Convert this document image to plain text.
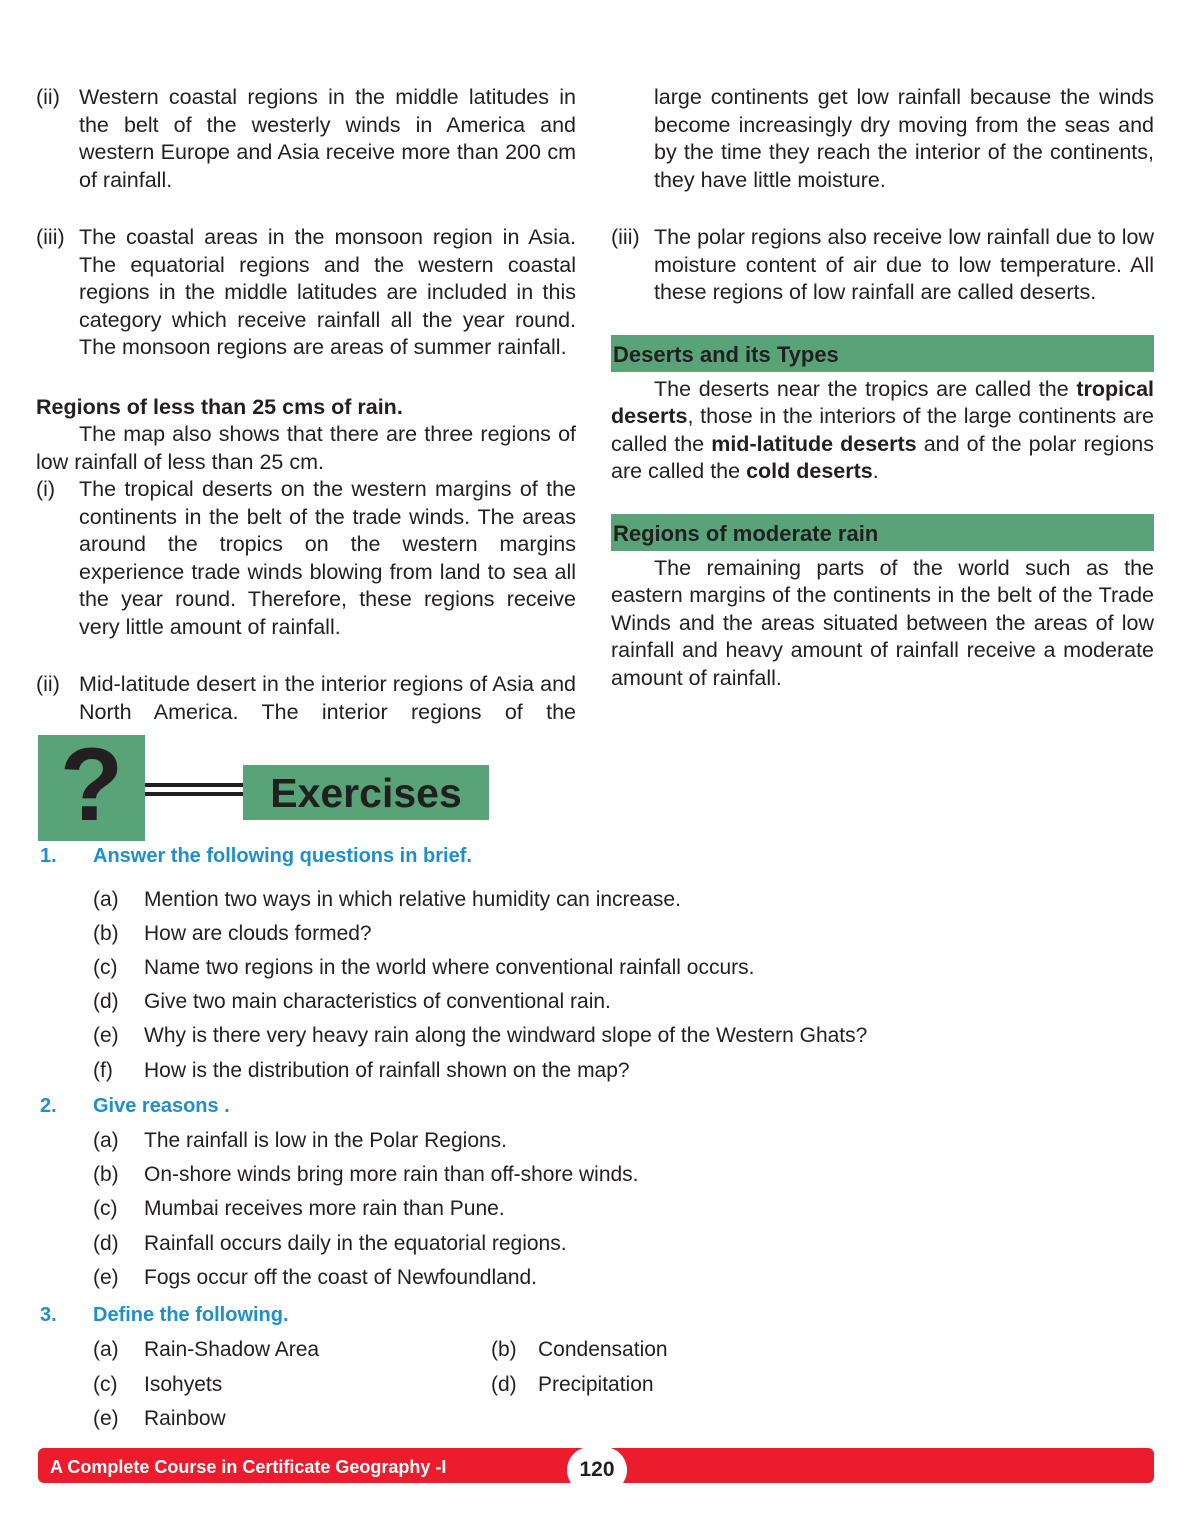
(ii) Western coastal regions in the middle latitudes in the belt of the westerly winds in America and western Europe and Asia receive more than 200 cm of rainfall.
(iii) The coastal areas in the monsoon region in Asia. The equatorial regions and the western coastal regions in the middle latitudes are included in this category which receive rainfall all the year round. The monsoon regions are areas of summer rainfall.
Regions of less than 25 cms of rain.
The map also shows that there are three regions of low rainfall of less than 25 cm.
(i)	The tropical deserts on the western margins of the continents in the belt of the trade winds. The areas around the tropics on the western margins experience trade winds blowing from land to sea all the year round. Therefore, these regions receive very little amount of rainfall.
(ii) Mid-latitude desert in the interior regions of Asia and North America. The interior regions of the
large continents get low rainfall because the winds become increasingly dry moving from the seas and by the time they reach the interior of the continents, they have little moisture.
(iii) The polar regions also receive low rainfall due to low moisture content of air due to low temperature. All these regions of low rainfall are called deserts.
Deserts and its Types
The deserts near the tropics are called the tropical deserts, those in the interiors of the large continents are called the mid-latitude deserts and of the polar regions are called the cold deserts.
Regions of moderate rain
The remaining parts of the world such as the eastern margins of the continents in the belt of the Trade Winds and the areas situated between the areas of low rainfall and heavy amount of rainfall receive a moderate amount of rainfall.
?	Exercises
1. Answer the following questions in brief.
(a) Mention two ways in which relative humidity can increase.
(b) How are clouds formed?
(c) Name two regions in the world where conventional rainfall occurs.
(d) Give two main characteristics of conventional rain.
(e) Why is there very heavy rain along the windward slope of the Western Ghats?
(f) How is the distribution of rainfall shown on the map?
2. Give reasons .
(a) The rainfall is low in the Polar Regions.
(b) On-shore winds bring more rain than off-shore winds.
(c) Mumbai receives more rain than Pune.
(d) Rainfall occurs daily in the equatorial regions.
(e) Fogs occur off the coast of Newfoundland.
3. Define the following.
(a) Rain-Shadow Area	(b) Condensation
(c) Isohyets	(d) Precipitation
(e) Rainbow
A Complete Course in Certificate Geography -I	120
